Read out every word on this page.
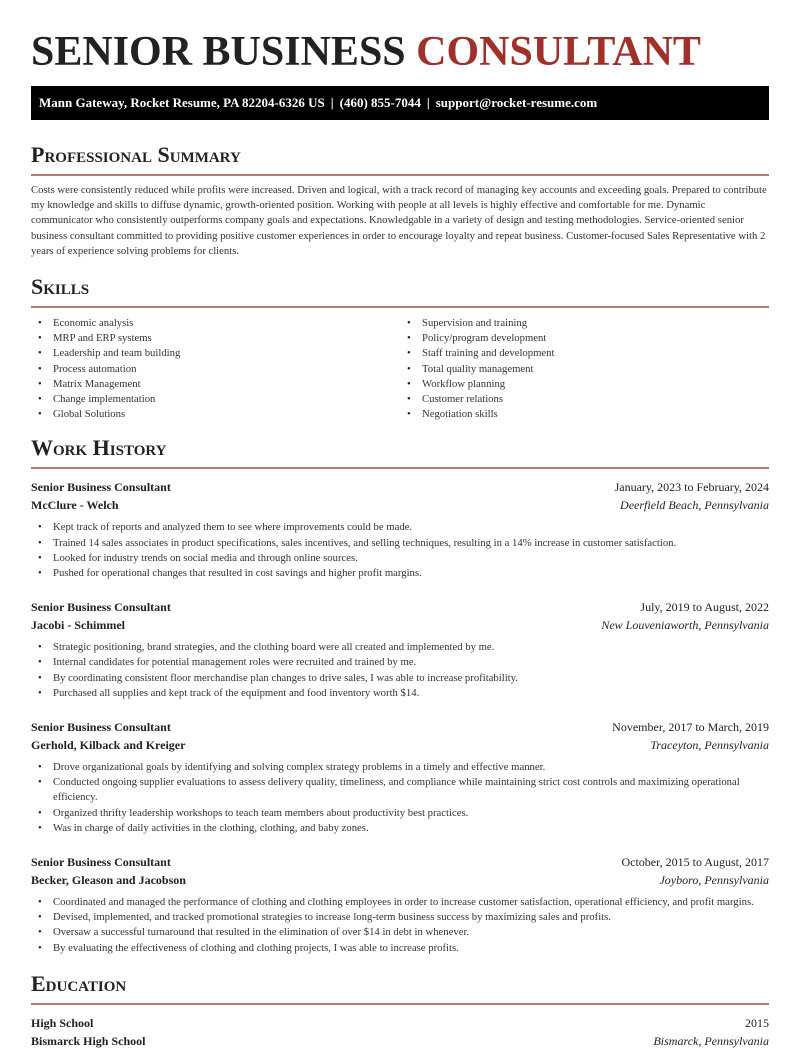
SENIOR BUSINESS CONSULTANT
Mann Gateway, Rocket Resume, PA 82204-6326 US | (460) 855-7044 | support@rocket-resume.com
Professional Summary

Costs were consistently reduced while profits were increased. Driven and logical, with a track record of managing key accounts and exceeding goals. Prepared to contribute my knowledge and skills to diffuse dynamic, growth-oriented position. Working with people at all levels is highly effective and comfortable for me. Dynamic communicator who consistently outperforms company goals and expectations. Knowledgable in a variety of design and testing methodologies. Service-oriented senior business consultant committed to providing positive customer experiences in order to encourage loyalty and repeat business. Customer-focused Sales Representative with 2 years of experience solving problems for clients.

Skills
• Economic analysis
• MRP and ERP systems
• Leadership and team building
• Process automation
• Matrix Management
• Change implementation
• Global Solutions
• Supervision and training
• Policy/program development
• Staff training and development
• Total quality management
• Workflow planning
• Customer relations
• Negotiation skills
Work History
Senior Business Consultant	January, 2023 to February, 2024
McClure - Welch	Deerfield Beach, Pennsylvania
• Kept track of reports and analyzed them to see where improvements could be made.
• Trained 14 sales associates in product specifications, sales incentives, and selling techniques, resulting in a 14% increase in customer satisfaction.
• Looked for industry trends on social media and through online sources.
• Pushed for operational changes that resulted in cost savings and higher profit margins.
Senior Business Consultant	July, 2019 to August, 2022
Jacobi - Schimmel	New Louveniaworth, Pennsylvania
• Strategic positioning, brand strategies, and the clothing board were all created and implemented by me.
• Internal candidates for potential management roles were recruited and trained by me.
• By coordinating consistent floor merchandise plan changes to drive sales, I was able to increase profitability.
• Purchased all supplies and kept track of the equipment and food inventory worth $14.
Senior Business Consultant	November, 2017 to March, 2019
Gerhold, Kilback and Kreiger	Traceyton, Pennsylvania
• Drove organizational goals by identifying and solving complex strategy problems in a timely and effective manner.
• Conducted ongoing supplier evaluations to assess delivery quality, timeliness, and compliance while maintaining strict cost controls and maximizing operational efficiency.
• Organized thrifty leadership workshops to teach team members about productivity best practices.
• Was in charge of daily activities in the clothing, clothing, and baby zones.
Senior Business Consultant	October, 2015 to August, 2017
Becker, Gleason and Jacobson	Joyboro, Pennsylvania
• Coordinated and managed the performance of clothing and clothing employees in order to increase customer satisfaction, operational efficiency, and profit margins.
• Devised, implemented, and tracked promotional strategies to increase long-term business success by maximizing sales and profits.
• Oversaw a successful turnaround that resulted in the elimination of over $14 in debt in whenever.
• By evaluating the effectiveness of clothing and clothing projects, I was able to increase profits.
Education
High School	2015
Bismarck High School	Bismarck, Pennsylvania
